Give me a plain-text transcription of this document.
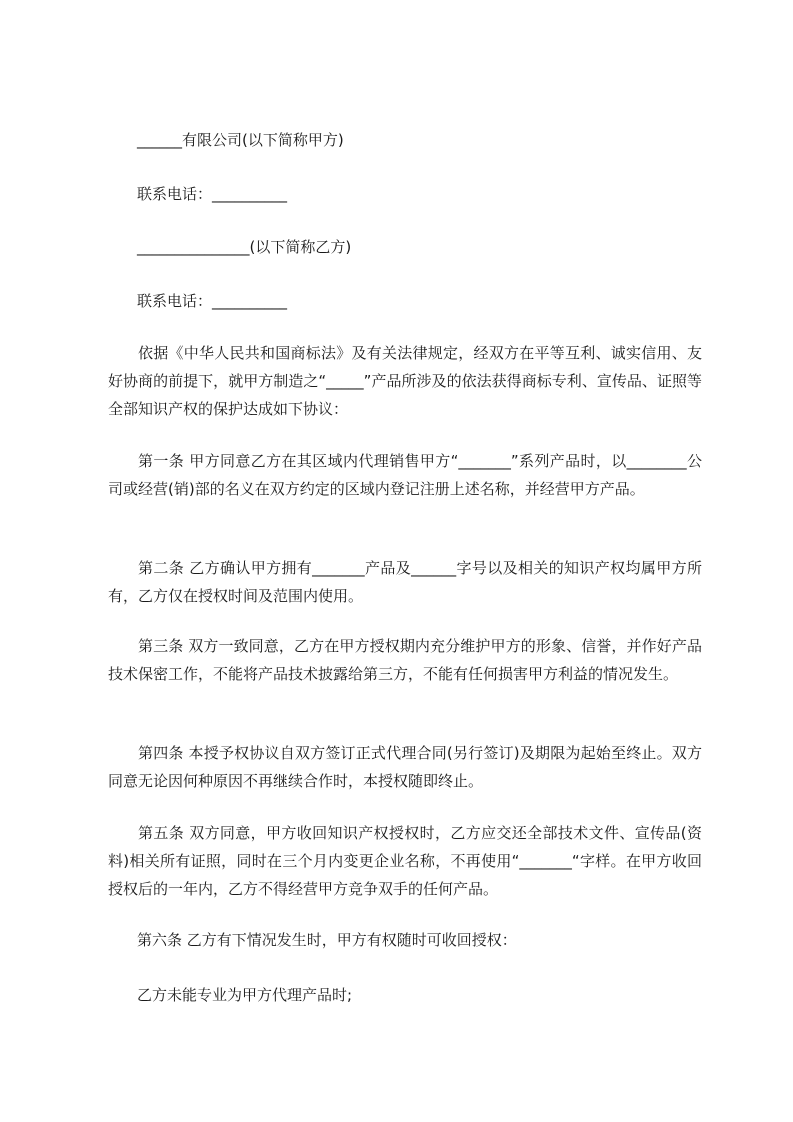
______有限公司(以下简称甲方)
联系电话：__________
_______________(以下简称乙方)
联系电话：__________
依据《中华人民共和国商标法》及有关法律规定，经双方在平等互利、诚实信用、友好协商的前提下，就甲方制造之“_____”产品所涉及的依法获得商标专利、宣传品、证照等全部知识产权的保护达成如下协议：
第一条 甲方同意乙方在其区域内代理销售甲方“_______”系列产品时，以________公司或经营(销)部的名义在双方约定的区域内登记注册上述名称，并经营甲方产品。
第二条 乙方确认甲方拥有_______产品及______字号以及相关的知识产权均属甲方所有，乙方仅在授权时间及范围内使用。
第三条 双方一致同意，乙方在甲方授权期内充分维护甲方的形象、信誉，并作好产品技术保密工作，不能将产品技术披露给第三方，不能有任何损害甲方利益的情况发生。
第四条 本授予权协议自双方签订正式代理合同(另行签订)及期限为起始至终止。双方同意无论因何种原因不再继续合作时，本授权随即终止。
第五条 双方同意，甲方收回知识产权授权时，乙方应交还全部技术文件、宣传品(资料)相关所有证照，同时在三个月内变更企业名称，不再使用“_______“字样。在甲方收回授权后的一年内，乙方不得经营甲方竞争双手的任何产品。
第六条 乙方有下情况发生时，甲方有权随时可收回授权：
乙方未能专业为甲方代理产品时;
